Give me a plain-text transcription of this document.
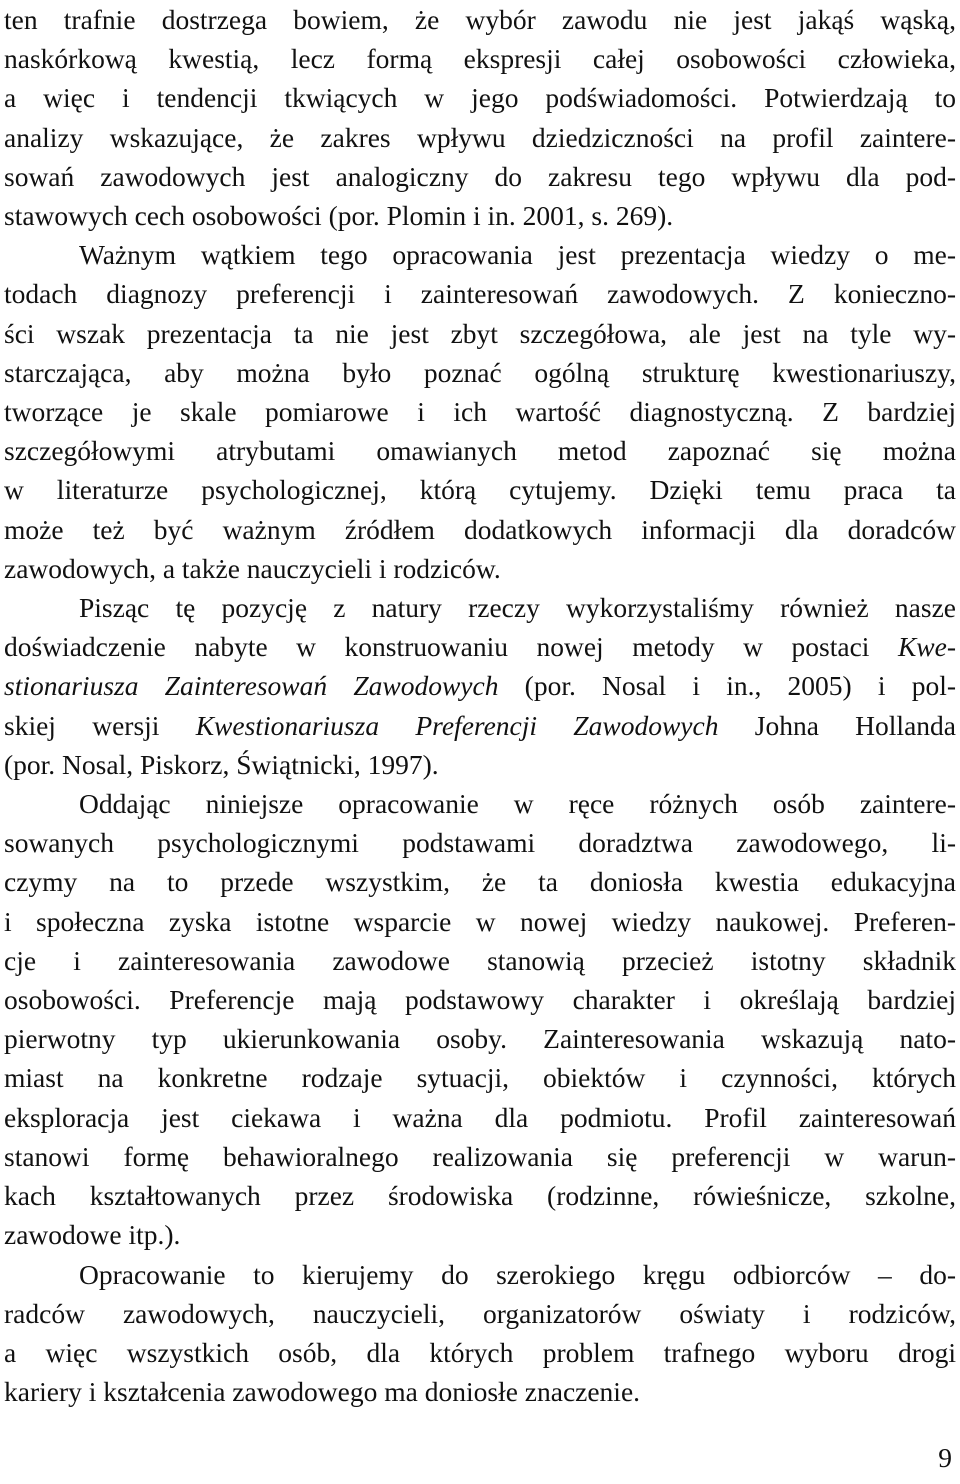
ten trafnie dostrzega bowiem, że wybór zawodu nie jest jakąś wąską,
naskórkową kwestią, lecz formą ekspresji całej osobowości człowieka,
a więc i tendencji tkwiących w jego podświadomości. Potwierdzają to
analizy wskazujące, że zakres wpływu dziedziczności na profil zaintere-
sowań zawodowych jest analogiczny do zakresu tego wpływu dla pod-
stawowych cech osobowości (por. Plomin i in. 2001, s. 269).
Ważnym wątkiem tego opracowania jest prezentacja wiedzy o me-
todach diagnozy preferencji i zainteresowań zawodowych. Z konieczno-
ści wszak prezentacja ta nie jest zbyt szczegółowa, ale jest na tyle wy-
starczająca, aby można było poznać ogólną strukturę kwestionariuszy,
tworzące je skale pomiarowe i ich wartość diagnostyczną. Z bardziej
szczegółowymi atrybutami omawianych metod zapoznać się można
w literaturze psychologicznej, którą cytujemy. Dzięki temu praca ta
może też być ważnym źródłem dodatkowych informacji dla doradców
zawodowych, a także nauczycieli i rodziców.
Pisząc tę pozycję z natury rzeczy wykorzystaliśmy również nasze
doświadczenie nabyte w konstruowaniu nowej metody w postaci Kwe-
stionariusza Zainteresowań Zawodowych (por. Nosal i in., 2005) i pol-
skiej wersji Kwestionariusza Preferencji Zawodowych Johna Hollanda
(por. Nosal, Piskorz, Świątnicki, 1997).
Oddając niniejsze opracowanie w ręce różnych osób zaintere-
sowanych psychologicznymi podstawami doradztwa zawodowego, li-
czymy na to przede wszystkim, że ta doniosła kwestia edukacyjna
i społeczna zyska istotne wsparcie w nowej wiedzy naukowej. Preferen-
cje i zainteresowania zawodowe stanowią przecież istotny składnik
osobowości. Preferencje mają podstawowy charakter i określają bardziej
pierwotny typ ukierunkowania osoby. Zainteresowania wskazują nato-
miast na konkretne rodzaje sytuacji, obiektów i czynności, których
eksploracja jest ciekawa i ważna dla podmiotu. Profil zainteresowań
stanowi formę behawioralnego realizowania się preferencji w warun-
kach kształtowanych przez środowiska (rodzinne, rówieśnicze, szkolne,
zawodowe itp.).
Opracowanie to kierujemy do szerokiego kręgu odbiorców – do-
radców zawodowych, nauczycieli, organizatorów oświaty i rodziców,
a więc wszystkich osób, dla których problem trafnego wyboru drogi
kariery i kształcenia zawodowego ma doniosłe znaczenie.
9
